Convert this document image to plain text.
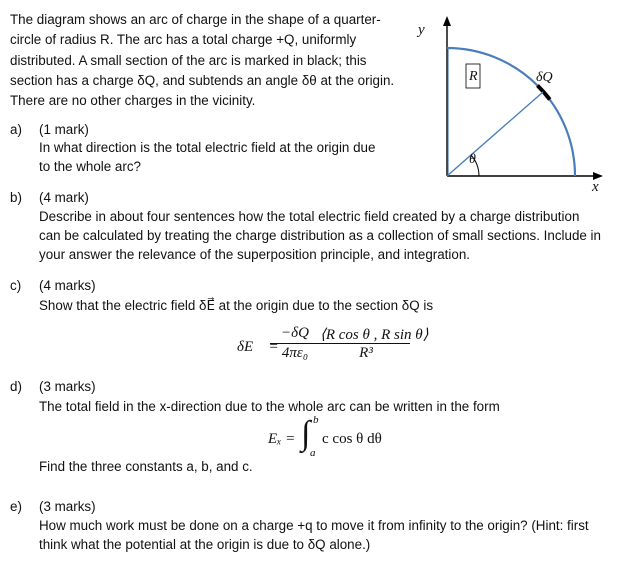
The diagram shows an arc of charge in the shape of a quarter-
circle of radius R. The arc has a total charge +Q, uniformly
distributed. A small section of the arc is marked in black; this
section has a charge δQ, and subtends an angle δθ at the origin.
There are no other charges in the vicinity.
y
x
R	δQ
θ
a) (1 mark)
In what direction is the total electric field at the origin due
to the whole arc?
b) (4 mark)
Describe in about four sentences how the total electric field created by a charge distribution
can be calculated by treating the charge distribution as a collection of small sections. Include in
your answer the relevance of the superposition principle, and integration.
c) (4 marks)
Show that the electric field δE⃗ at the origin due to the section δQ is
δE⃗ =
−δQ
4πε₀
⟨R cos θ , R sin θ⟩
R³
d) (3 marks)
The total field in the x-direction due to the whole arc can be written in the form
Eₓ = ∫ b
a
c cos θ dθ
Find the three constants a, b, and c.
e) (3 marks)
How much work must be done on a charge +q to move it from infinity to the origin? (Hint: first
think what the potential at the origin is due to δQ alone.)
